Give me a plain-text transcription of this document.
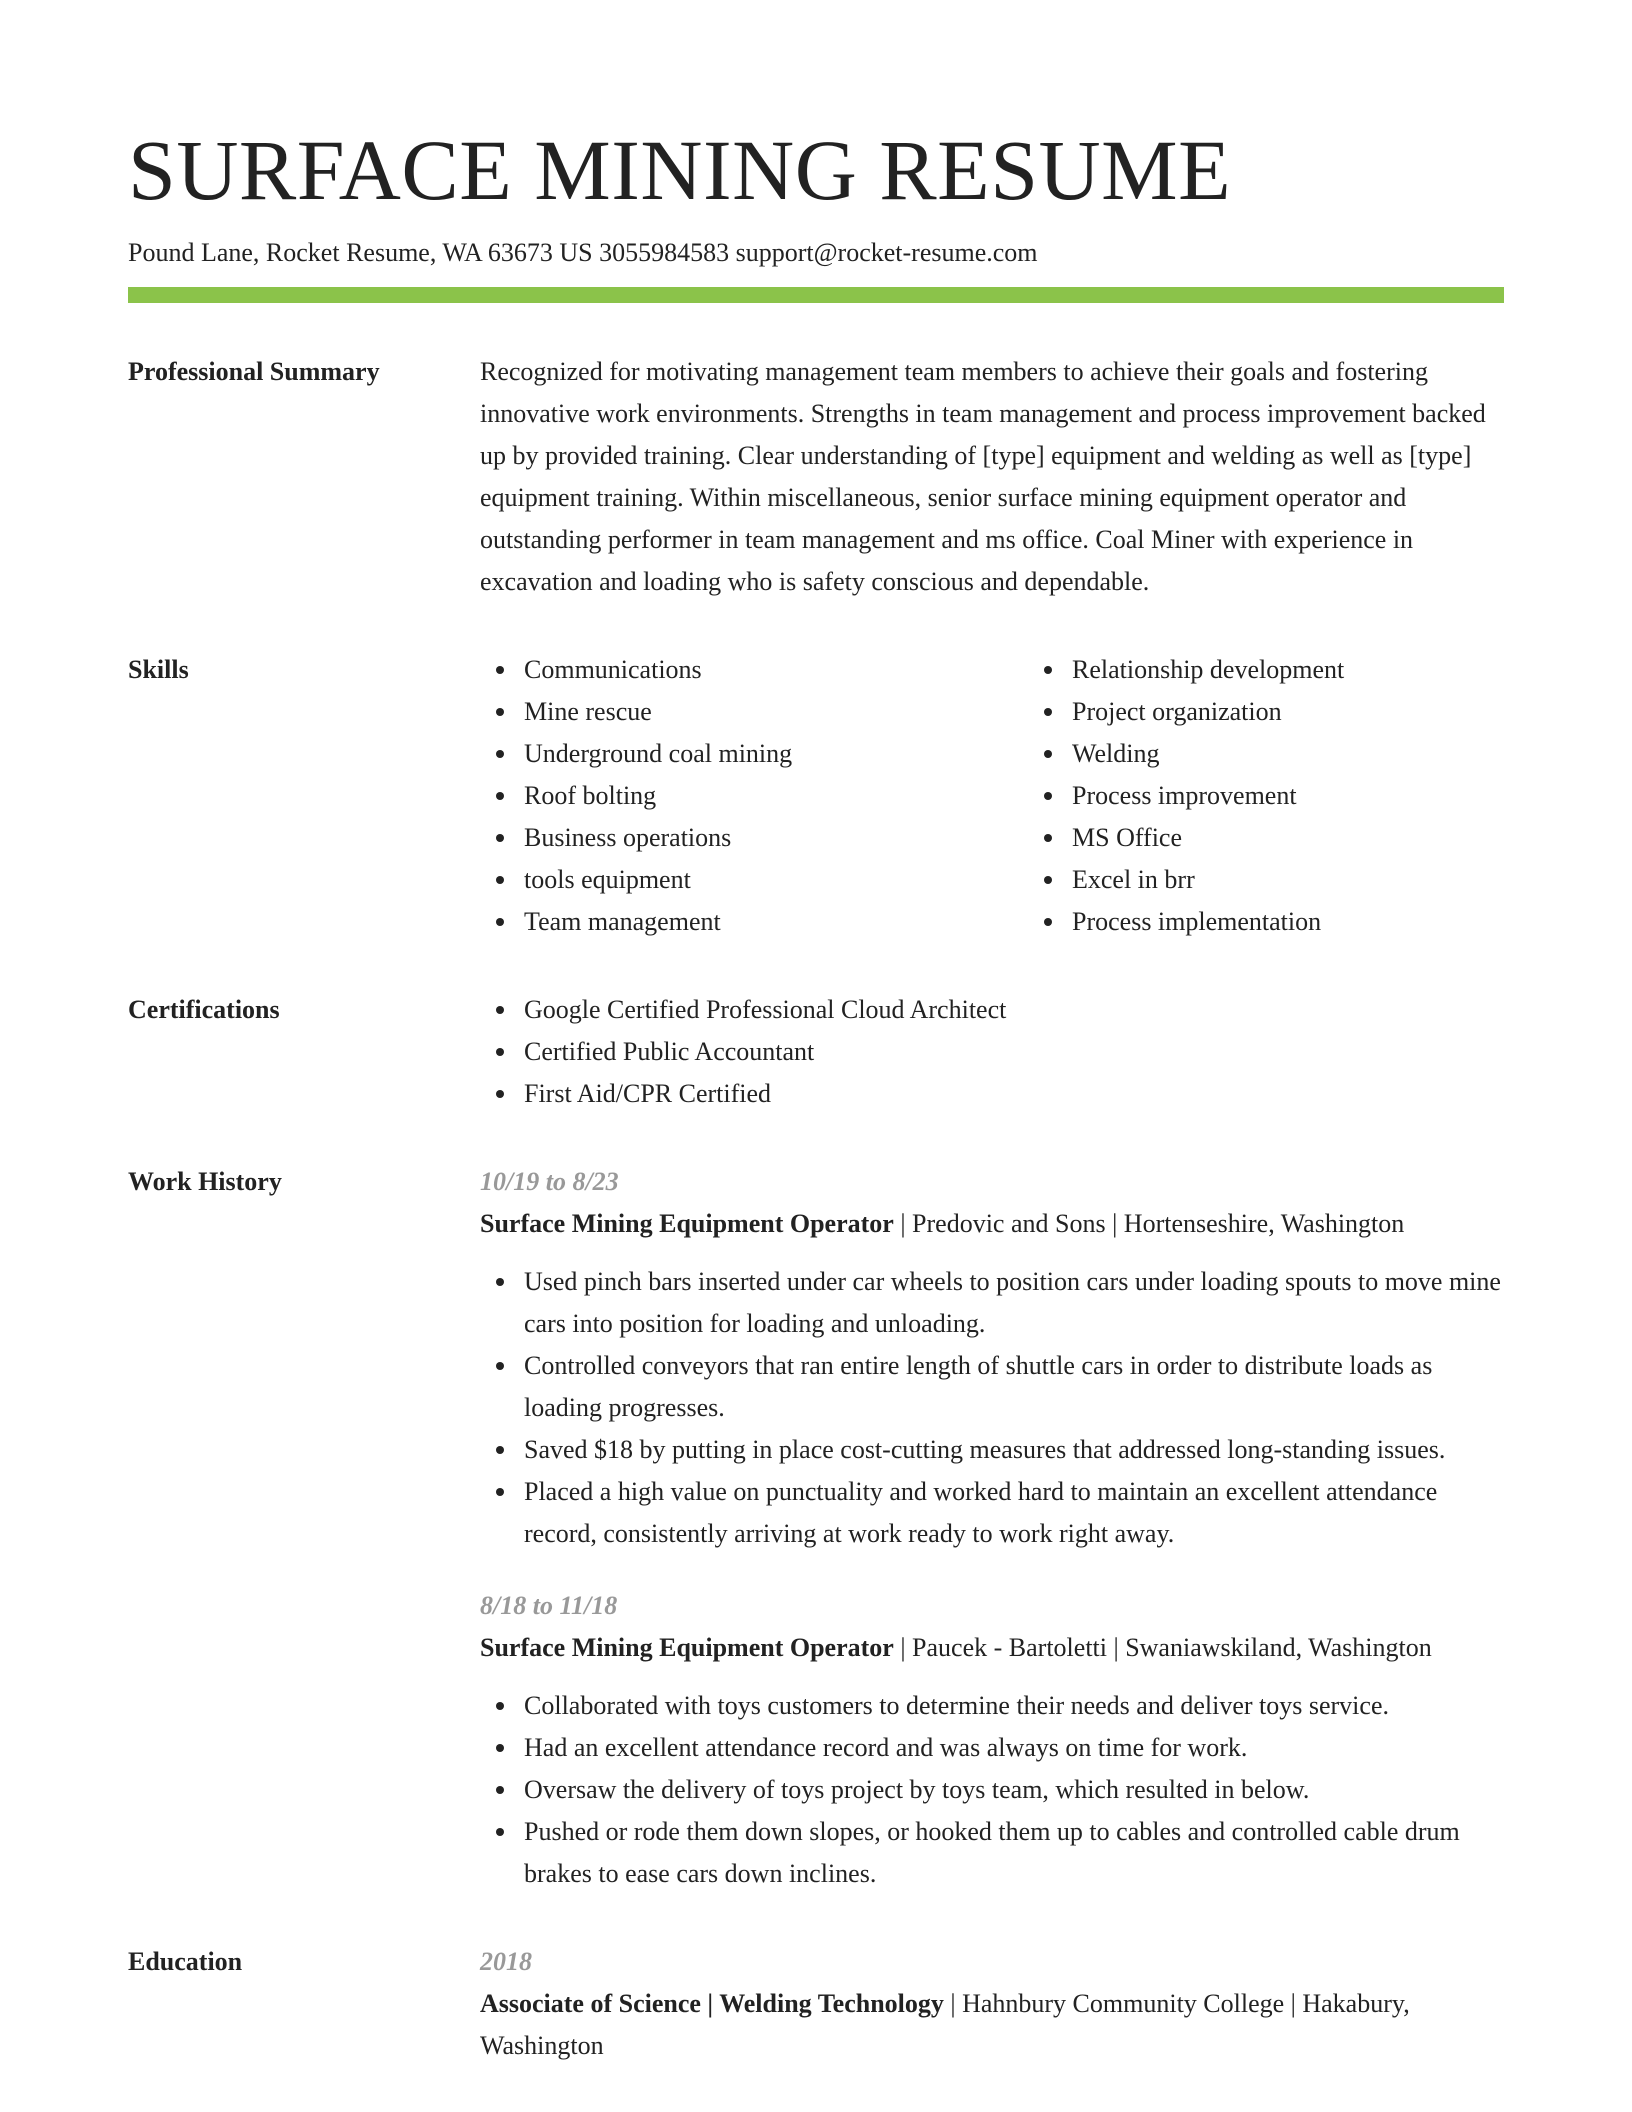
SURFACE MINING RESUME
Pound Lane, Rocket Resume, WA 63673 US 3055984583 support@rocket-resume.com
Professional Summary	Recognized for motivating management team members to achieve their goals and fostering innovative work environments. Strengths in team management and process improvement backed up by provided training. Clear understanding of [type] equipment and welding as well as [type] equipment training. Within miscellaneous, senior surface mining equipment operator and outstanding performer in team management and ms office. Coal Miner with experience in excavation and loading who is safety conscious and dependable.

Skills	Communications
Mine rescue
Underground coal mining
Roof bolting
Business operations
tools equipment
Team management
Relationship development
Project organization
Welding
Process improvement
MS Office
Excel in brr
Process implementation
Certifications	Google Certified Professional Cloud Architect
Certified Public Accountant
First Aid/CPR Certified
Work History	10/19 to 8/23
Surface Mining Equipment Operator | Predovic and Sons | Hortenseshire, Washington
Used pinch bars inserted under car wheels to position cars under loading spouts to move mine cars into position for loading and unloading.
Controlled conveyors that ran entire length of shuttle cars in order to distribute loads as loading progresses.
Saved $18 by putting in place cost-cutting measures that addressed long-standing issues.
Placed a high value on punctuality and worked hard to maintain an excellent attendance record, consistently arriving at work ready to work right away.
8/18 to 11/18
Surface Mining Equipment Operator | Paucek - Bartoletti | Swaniawskiland, Washington
Collaborated with toys customers to determine their needs and deliver toys service.
Had an excellent attendance record and was always on time for work.
Oversaw the delivery of toys project by toys team, which resulted in below.
Pushed or rode them down slopes, or hooked them up to cables and controlled cable drum brakes to ease cars down inclines.
Education	2018
Associate of Science | Welding Technology | Hahnbury Community College | Hakabury, Washington
